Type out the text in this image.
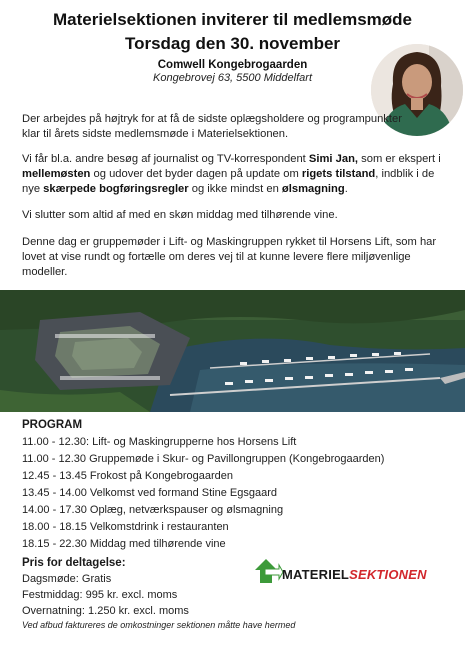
Materielsektionen inviterer til medlemsmøde
Torsdag den 30. november
Comwell Kongebrogaarden
Kongebrovej 63, 5500 Middelfart
Der arbejdes på højtryk for at få de sidste oplægsholdere og programpunkter klar til årets sidste medlemsmøde i Materielsektionen.
Vi får bl.a. andre besøg af journalist og TV-korrespondent Simi Jan, som er ekspert i mellemøsten og udover det byder dagen på update om rigets tilstand, indblik i de nye skærpede bogføringsregler og ikke mindst en ølsmagning.
Vi slutter som altid af med en skøn middag med tilhørende vine.
Denne dag er gruppemøder i Lift- og Maskingruppen rykket til Horsens Lift, som har lovet at vise rundt og fortælle om deres vej til at kunne levere flere miljøvenlige modeller.
PROGRAM
11.00 - 12.30: Lift- og Maskingrupperne hos Horsens Lift
11.00 - 12.30 Gruppemøde i Skur- og Pavillongruppen (Kongebrogaarden)
12.45 - 13.45 Frokost på Kongebrogaarden
13.45 - 14.00 Velkomst ved formand Stine Egsgaard
14.00 - 17.30 Oplæg, netværkspauser og ølsmagning
18.00 - 18.15 Velkomstdrink i restauranten
18.15 - 22.30 Middag med tilhørende vine
Pris for deltagelse:
Dagsmøde: Gratis
Festmiddag: 995 kr. excl. moms
Overnatning: 1.250 kr. excl. moms
Ved afbud faktureres de omkostninger sektionen måtte have hermed
MATERIELSEKTIONEN
